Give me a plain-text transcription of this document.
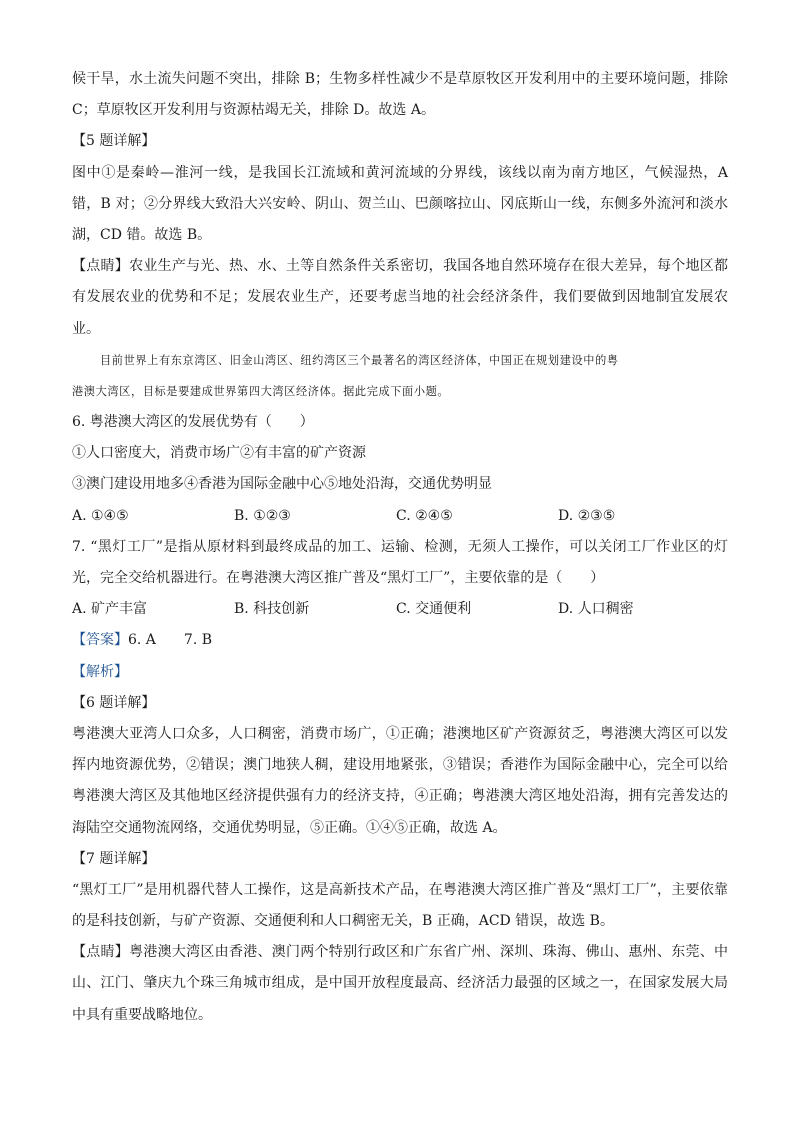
候干旱，水土流失问题不突出，排除 B；生物多样性减少不是草原牧区开发利用中的主要环境问题，排除
C；草原牧区开发利用与资源枯竭无关，排除 D。故选 A。
【5 题详解】
图中①是秦岭—淮河一线，是我国长江流域和黄河流域的分界线，该线以南为南方地区，气候湿热，A
错，B 对；②分界线大致沿大兴安岭、阴山、贺兰山、巴颜喀拉山、冈底斯山一线，东侧多外流河和淡水
湖，CD 错。故选 B。
【点睛】农业生产与光、热、水、土等自然条件关系密切，我国各地自然环境存在很大差异，每个地区都
有发展农业的优势和不足；发展农业生产，还要考虑当地的社会经济条件，我们要做到因地制宜发展农
业。
目前世界上有东京湾区、旧金山湾区、纽约湾区三个最著名的湾区经济体，中国正在规划建设中的粤
港澳大湾区，目标是要建成世界第四大湾区经济体。据此完成下面小题。
6. 粤港澳大湾区的发展优势有（　　）
①人口密度大，消费市场广②有丰富的矿产资源
③澳门建设用地多④香港为国际金融中心⑤地处沿海，交通优势明显
A. ①④⑤	B. ①②③	C. ②④⑤	D. ②③⑤
7. “黑灯工厂”是指从原材料到最终成品的加工、运输、检测，无须人工操作，可以关闭工厂作业区的灯
光，完全交给机器进行。在粤港澳大湾区推广普及“黑灯工厂”，主要依靠的是（　　）
A. 矿产丰富	B. 科技创新	C. 交通便利	D. 人口稠密
【答案】6. A　　7. B
【解析】
【6 题详解】
粤港澳大亚湾人口众多，人口稠密，消费市场广，①正确；港澳地区矿产资源贫乏，粤港澳大湾区可以发
挥内地资源优势，②错误；澳门地狭人稠，建设用地紧张，③错误；香港作为国际金融中心，完全可以给
粤港澳大湾区及其他地区经济提供强有力的经济支持，④正确；粤港澳大湾区地处沿海，拥有完善发达的
海陆空交通物流网络，交通优势明显，⑤正确。①④⑤正确，故选 A。
【7 题详解】
“黑灯工厂”是用机器代替人工操作，这是高新技术产品，在粤港澳大湾区推广普及“黑灯工厂”，主要依靠
的是科技创新，与矿产资源、交通便利和人口稠密无关，B 正确，ACD 错误，故选 B。
【点睛】粤港澳大湾区由香港、澳门两个特别行政区和广东省广州、深圳、珠海、佛山、惠州、东莞、中
山、江门、肇庆九个珠三角城市组成，是中国开放程度最高、经济活力最强的区域之一，在国家发展大局
中具有重要战略地位。
